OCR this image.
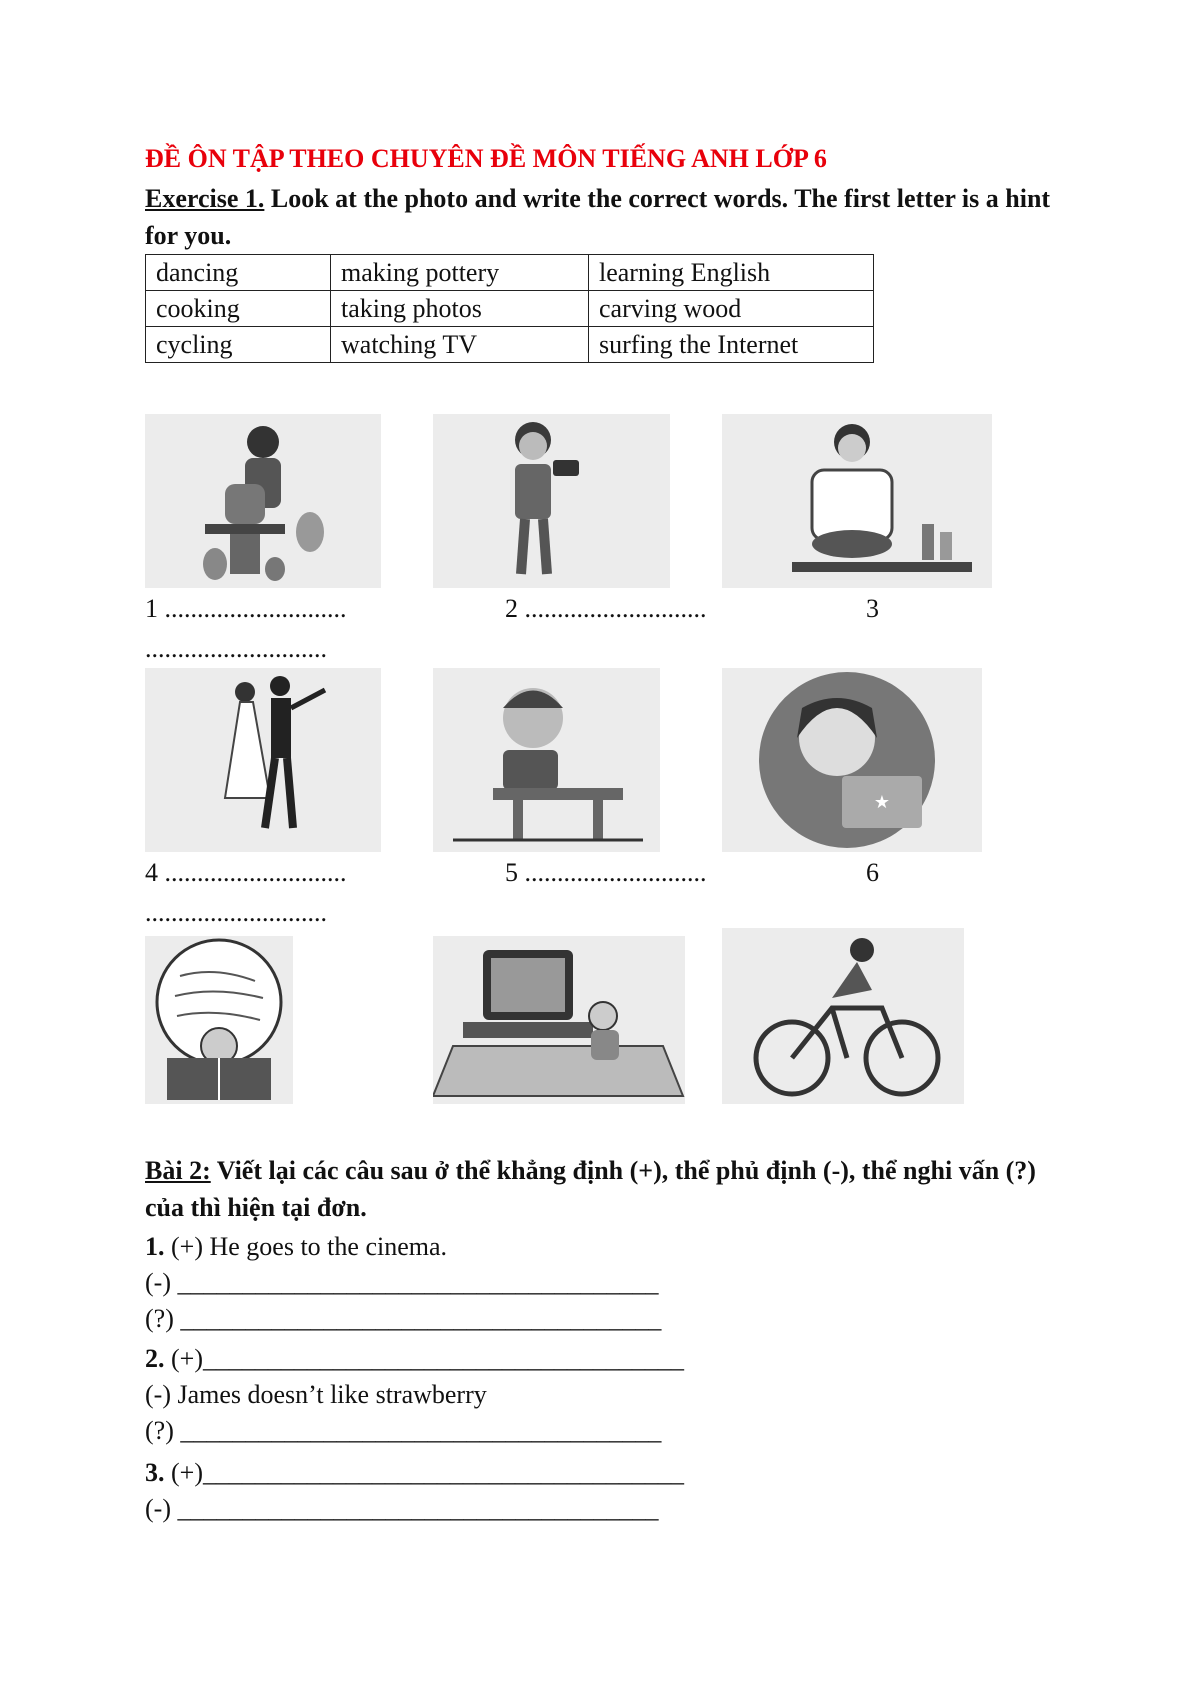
ĐỀ ÔN TẬP THEO CHUYÊN ĐỀ MÔN TIẾNG ANH LỚP 6
Exercise 1. Look at the photo and write the correct words. The first letter is a hint for you.
dancing	making pottery	learning English
cooking	taking photos	carving wood
cycling	watching TV	surfing the Internet
1 ............................	2 ............................	3
............................
★
4 ............................	5 ............................	6
............................
Bài 2: Viết lại các câu sau ở thể khẳng định (+), thể phủ định (-), thể nghi vấn (?) của thì hiện tại đơn.
1. (+) He goes to the cinema.
(-) _____________________________________
(?) _____________________________________
2. (+)_____________________________________
(-) James doesn’t like strawberry
(?) _____________________________________
3. (+)_____________________________________
(-) _____________________________________
